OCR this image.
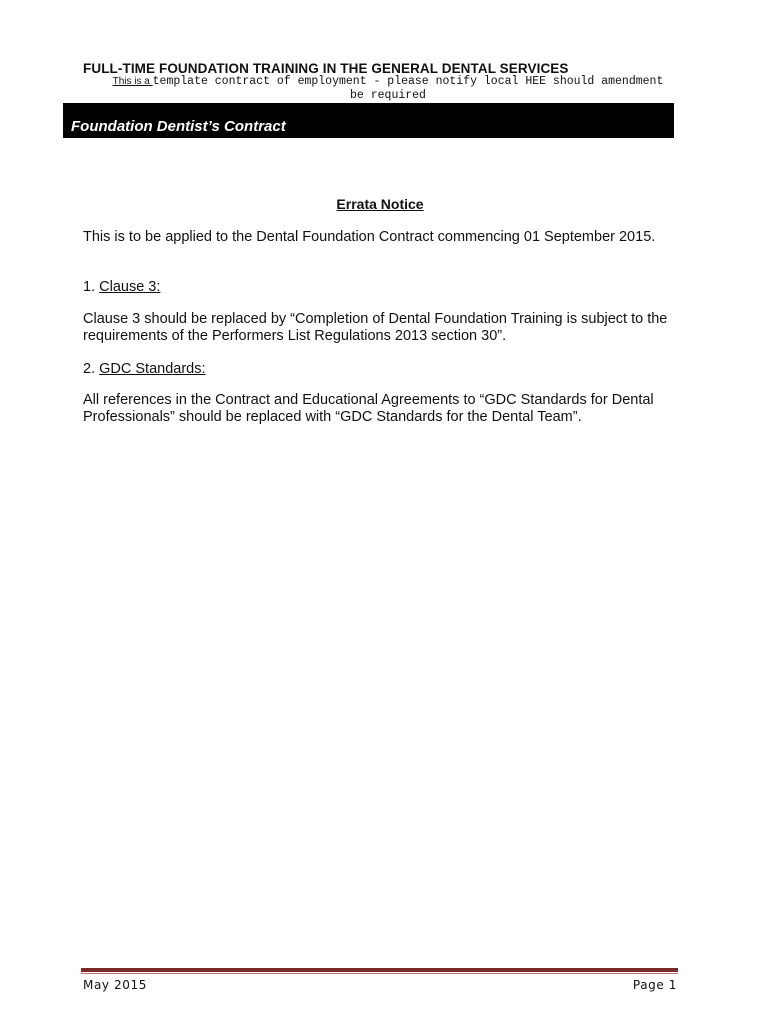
FULL-TIME FOUNDATION TRAINING IN THE GENERAL DENTAL SERVICES
This is a template contract of employment - please notify local HEE should amendment be required
Foundation Dentist’s Contract
Errata Notice
This is to be applied to the Dental Foundation Contract commencing 01 September 2015.
1. Clause 3:
Clause 3 should be replaced by “Completion of Dental Foundation Training is subject to the requirements of the Performers List Regulations 2013 section 30”.
2. GDC Standards:
All references in the Contract and Educational Agreements to “GDC Standards for Dental Professionals” should be replaced with “GDC Standards for the Dental Team”.
May 2015	Page 1
